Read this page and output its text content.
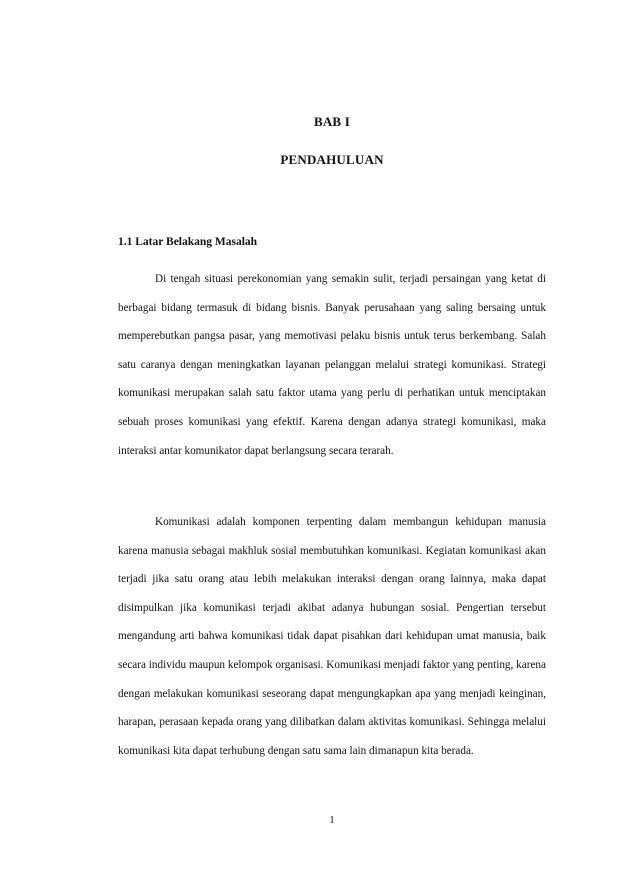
BAB I
PENDAHULUAN
1.1 Latar Belakang Masalah

Di tengah situasi perekonomian yang semakin sulit, terjadi persaingan yang ketat di berbagai bidang termasuk di bidang bisnis. Banyak perusahaan yang saling bersaing untuk memperebutkan pangsa pasar, yang memotivasi pelaku bisnis untuk terus berkembang. Salah satu caranya dengan meningkatkan layanan pelanggan melalui strategi komunikasi. Strategi komunikasi merupakan salah satu faktor utama yang perlu di perhatikan untuk menciptakan sebuah proses komunikasi yang efektif. Karena dengan adanya strategi komunikasi, maka interaksi antar komunikator dapat berlangsung secara terarah.

Komunikasi adalah komponen terpenting dalam membangun kehidupan manusia karena manusia sebagai makhluk sosial membutuhkan komunikasi. Kegiatan komunikasi akan terjadi jika satu orang atau lebih melakukan interaksi dengan orang lainnya, maka dapat disimpulkan jika komunikasi terjadi akibat adanya hubungan sosial. Pengertian tersebut mengandung arti bahwa komunikasi tidak dapat pisahkan dari kehidupan umat manusia, baik secara individu maupun kelompok organisasi. Komunikasi menjadi faktor yang penting, karena dengan melakukan komunikasi seseorang dapat mengungkapkan apa yang menjadi keinginan, harapan, perasaan kepada orang yang dilibatkan dalam aktivitas komunikasi. Sehingga melalui komunikasi kita dapat terhubung dengan satu sama lain dimanapun kita berada.

1
